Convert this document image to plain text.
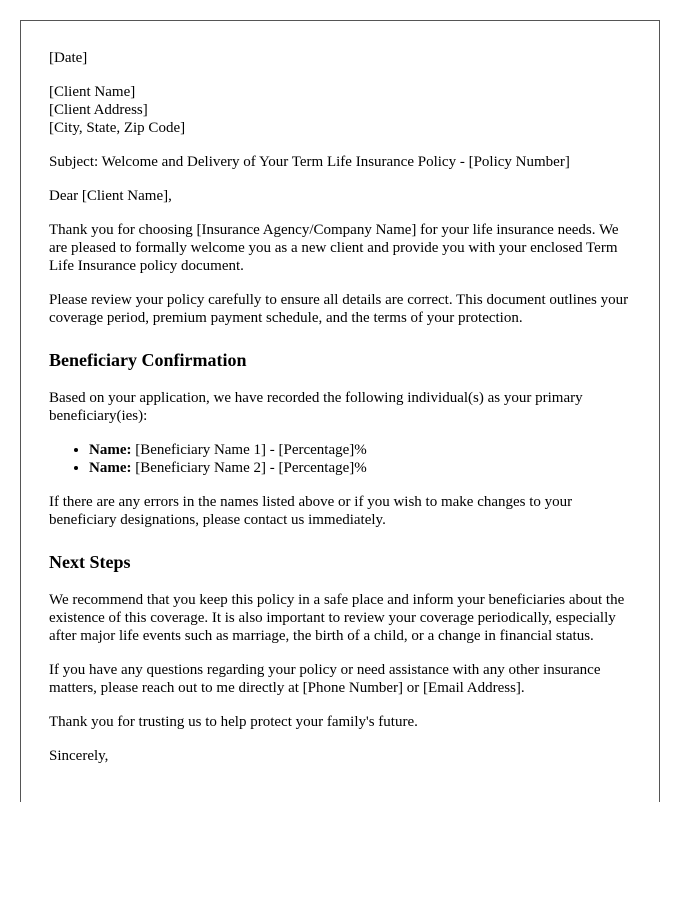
[Date]

[Client Name]

[Client Address]

[City, State, Zip Code]

Subject: Welcome and Delivery of Your Term Life Insurance Policy - [Policy Number]

Dear [Client Name],

Thank you for choosing [Insurance Agency/Company Name] for your life insurance needs. We are pleased to formally welcome you as a new client and provide you with your enclosed Term Life Insurance policy document.

Please review your policy carefully to ensure all details are correct. This document outlines your coverage period, premium payment schedule, and the terms of your protection.

Beneficiary Confirmation

Based on your application, we have recorded the following individual(s) as your primary beneficiary(ies):

• Name: [Beneficiary Name 1] - [Percentage]%
• Name: [Beneficiary Name 2] - [Percentage]%

If there are any errors in the names listed above or if you wish to make changes to your beneficiary designations, please contact us immediately.

Next Steps

We recommend that you keep this policy in a safe place and inform your beneficiaries about the existence of this coverage. It is also important to review your coverage periodically, especially after major life events such as marriage, the birth of a child, or a change in financial status.

If you have any questions regarding your policy or need assistance with any other insurance matters, please reach out to me directly at [Phone Number] or [Email Address].

Thank you for trusting us to help protect your family's future.

Sincerely,
